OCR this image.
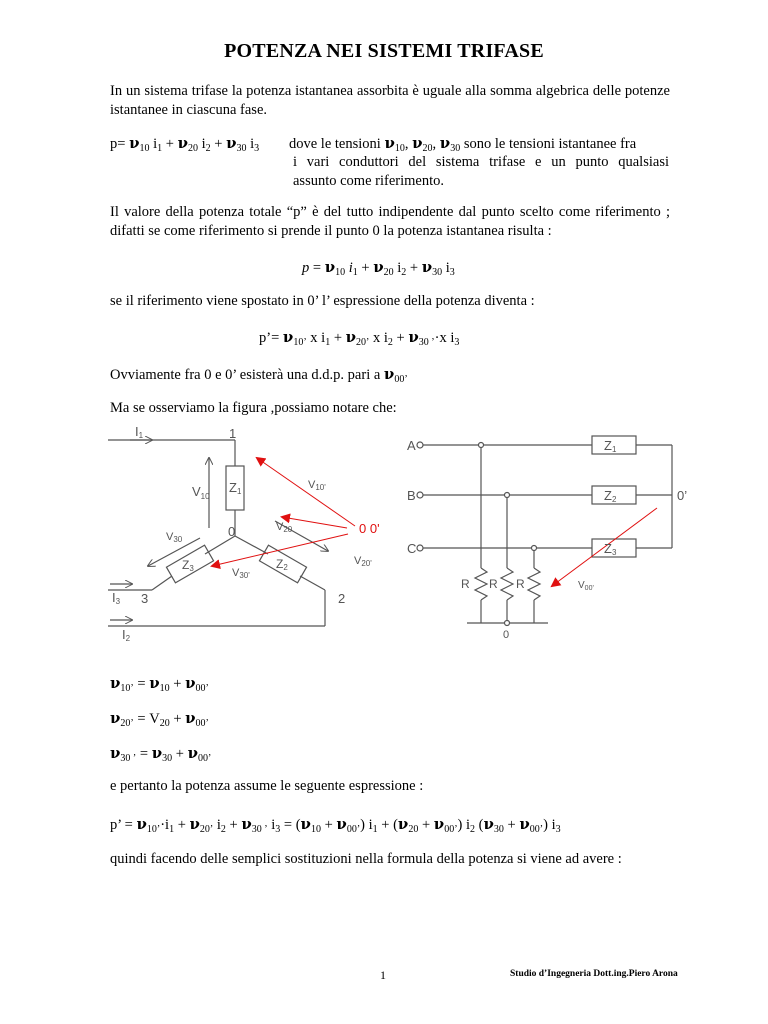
POTENZA NEI SISTEMI TRIFASE
In un sistema trifase la potenza istantanea assorbita è uguale alla somma algebrica delle potenze istantanee in ciascuna fase.
$p= \nu_{10}$ $i_1 + \nu_{20}$ $i_2 + \nu_{30}$ $i_3$ dove le tensioni $\nu_{10}$, $\nu_{20}$, $\nu_{30}$ sono le tensioni istantanee fra
i vari conduttori del sistema trifase e un punto qualsiasi
assunto come riferimento.
Il valore della potenza totale “p” è del tutto indipendente dal punto scelto come riferimento ; difatti se come riferimento si prende il punto 0 la potenza istantanea risulta :
$p = \nu_{10}$ $i_1 + \nu_{20}$ $i_2 + \nu_{30}$ $i_3$
se il riferimento viene spostato in 0’ l’ espressione della potenza diventa :
p’= $\nu_{10’}$ x $i_1 + \nu_{20’}$ x $i_2 + \nu_{30 ’}\cdot x$ $i_3$
Ovviamente fra 0 e 0’ esisterà una d.d.p. pari a $\nu_{00’}$
Ma se osserviamo la figura ,possiamo notare che:
I1	1
$V_{10}$
Z1
V10'
0
V30
V20	0 0'
Z3	Z2
V30'
V20'
I3 3	2
I2
A
B
C
Z1
Z2
Z3
0’
R R R
0
$V_{00'}$
$\nu_{10’} = \nu_{10} + \nu_{00’}$
$\nu_{20’} = V_{20} + \nu_{00’}$
$\nu_{30 ’} = \nu_{30} + \nu_{00’}$
e pertanto la potenza assume le seguente espressione :
p’ = $\nu_{10’}\cdot i_1 + \nu_{20’}$ $i_2 + \nu_{30 ’}$ $i_3 = (\nu_{10} + \nu_{00’}) i_1 + (\nu_{20} + \nu_{00’})$ $i_2$ $(\nu_{30} + \nu_{00’})$ $i_3$
quindi facendo delle semplici sostituzioni nella formula della potenza si viene ad avere :
1	Studio d’Ingegneria Dott.ing.Piero Arona
